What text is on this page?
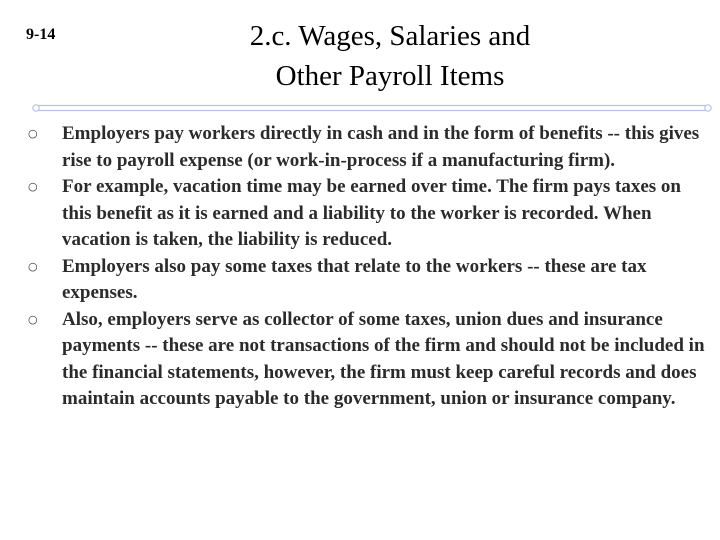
9-14	2.c. Wages, Salaries and
Other Payroll Items
○ Employers pay workers directly in cash and in the form of benefits -- this gives rise to payroll expense (or work-in-process if a manufacturing firm).
○ For example, vacation time may be earned over time. The firm pays taxes on this benefit as it is earned and a liability to the worker is recorded. When vacation is taken, the liability is reduced.
○ Employers also pay some taxes that relate to the workers -- these are tax expenses.
○ Also, employers serve as collector of some taxes, union dues and insurance payments -- these are not transactions of the firm and should not be included in the financial statements, however, the firm must keep careful records and does maintain accounts payable to the government, union or insurance company.
